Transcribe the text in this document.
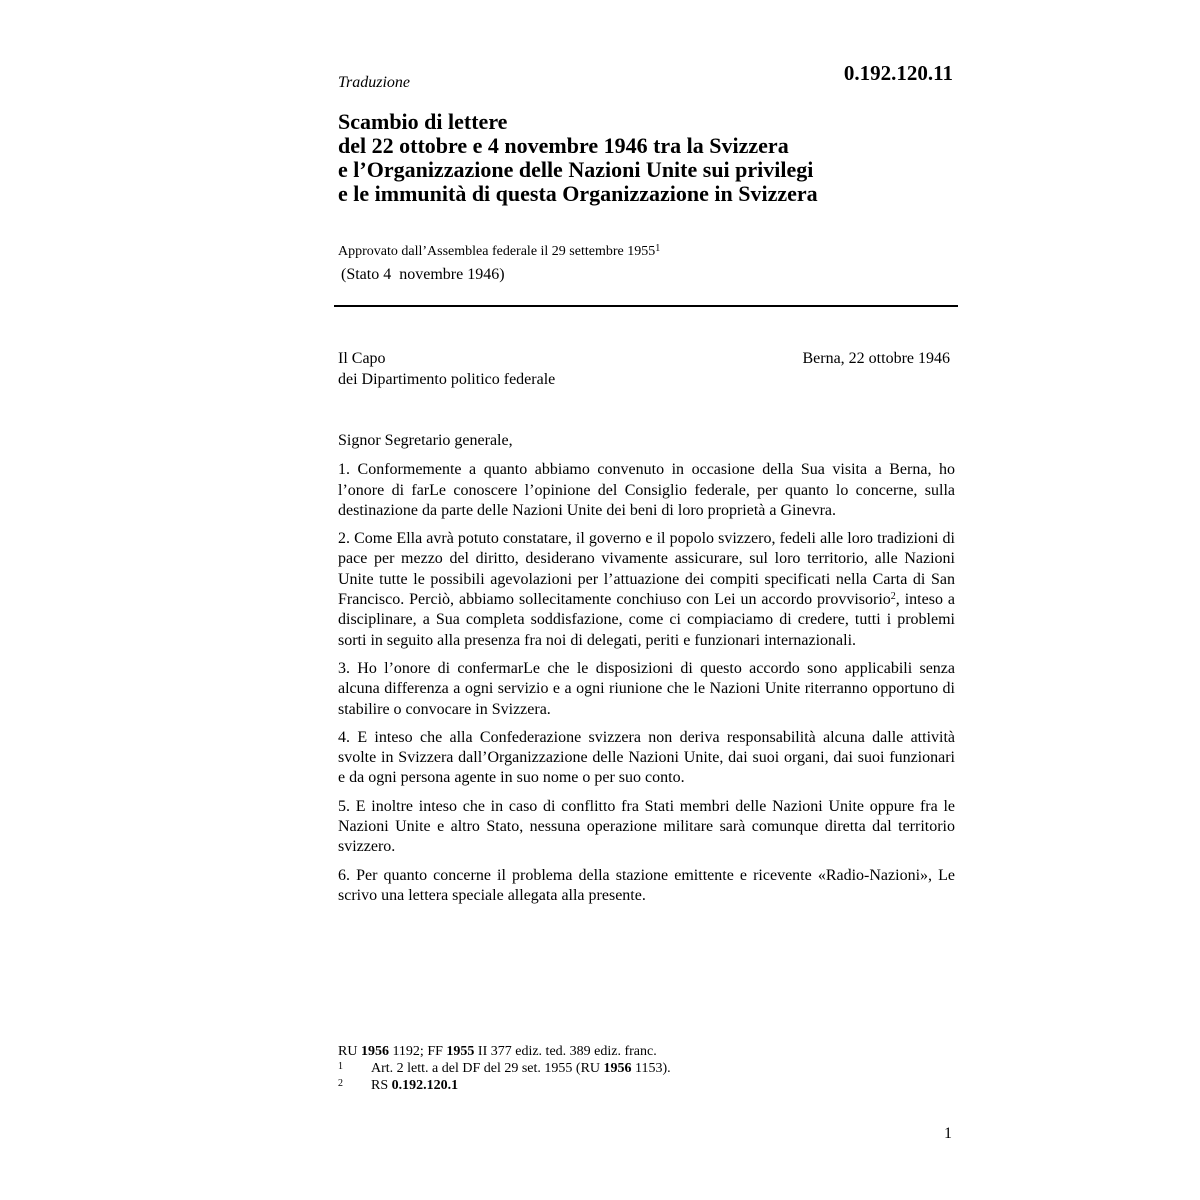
Traduzione	0.192.120.11
Scambio di lettere
del 22 ottobre e 4 novembre 1946 tra la Svizzera
e l’Organizzazione delle Nazioni Unite sui privilegi
e le immunità di questa Organizzazione in Svizzera
Approvato dall’Assemblea federale il 29 settembre 1955$^1$
(Stato 4  novembre 1946)
Il Capo
dei Dipartimento politico federale
Berna, 22 ottobre 1946

Signor Segretario generale,

1. Conformemente a quanto abbiamo convenuto in occasione della Sua visita a Berna, ho l’onore di farLe conoscere l’opinione del Consiglio federale, per quanto lo concerne, sulla destinazione da parte delle Nazioni Unite dei beni di loro proprietà a Ginevra.

2. Come Ella avrà potuto constatare, il governo e il popolo svizzero, fedeli alle loro tradizioni di pace per mezzo del diritto, desiderano vivamente assicurare, sul loro territorio, alle Nazioni Unite tutte le possibili agevolazioni per l’attuazione dei compiti specificati nella Carta di San Francisco. Perciò, abbiamo sollecitamente conchiuso con Lei un accordo provvisorio$^2$, inteso a disciplinare, a Sua completa soddisfazione, come ci compiaciamo di credere, tutti i problemi sorti in seguito alla presenza fra noi di delegati, periti e funzionari internazionali.

3. Ho l’onore di confermarLe che le disposizioni di questo accordo sono applicabili senza alcuna differenza a ogni servizio e a ogni riunione che le Nazioni Unite riterranno opportuno di stabilire o convocare in Svizzera.

4. E inteso che alla Confederazione svizzera non deriva responsabilità alcuna dalle attività svolte in Svizzera dall’Organizzazione delle Nazioni Unite, dai suoi organi, dai suoi funzionari e da ogni persona agente in suo nome o per suo conto.

5. E inoltre inteso che in caso di conflitto fra Stati membri delle Nazioni Unite oppure fra le Nazioni Unite e altro Stato, nessuna operazione militare sarà comunque diretta dal territorio svizzero.

6. Per quanto concerne il problema della stazione emittente e ricevente «Radio-Nazioni», Le scrivo una lettera speciale allegata alla presente.

RU 1956 1192; FF 1955 II 377 ediz. ted. 389 ediz. franc.
1	Art. 2 lett. a del DF del 29 set. 1955 (RU 1956 1153).
2	RS 0.192.120.1
1
